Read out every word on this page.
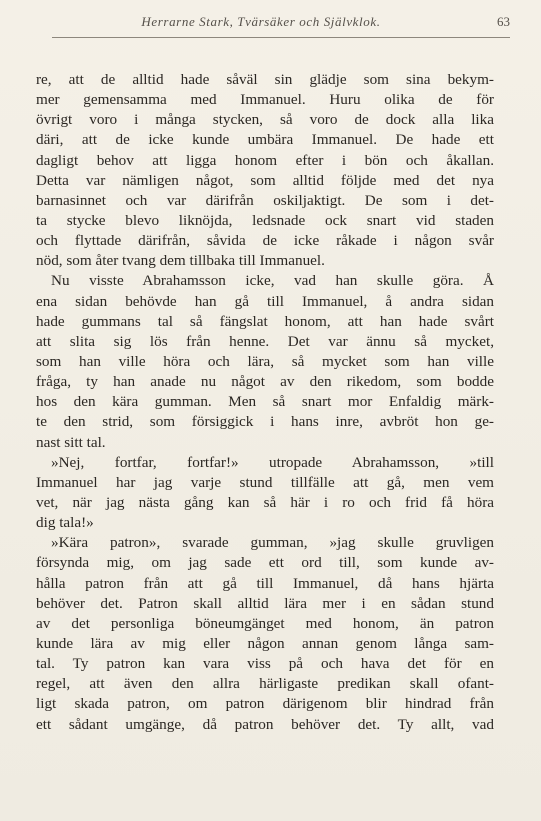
Herrarne Stark, Tvärsäker och Självklok.	63
re, att de alltid hade såväl sin glädje som sina bekym-
mer gemensamma med Immanuel. Huru olika de för
övrigt voro i många stycken, så voro de dock alla lika
däri, att de icke kunde umbära Immanuel. De hade ett
dagligt behov att ligga honom efter i bön och åkallan.
Detta var nämligen något, som alltid följde med det nya
barnasinnet och var därifrån oskiljaktigt. De som i det-
ta stycke blevo liknöjda, ledsnade ock snart vid staden
och flyttade därifrån, såvida de icke råkade i någon svår
nöd, som åter tvang dem tillbaka till Immanuel.
Nu visste Abrahamsson icke, vad han skulle göra. Å
ena sidan behövde han gå till Immanuel, å andra sidan
hade gummans tal så fängslat honom, att han hade svårt
att slita sig lös från henne. Det var ännu så mycket,
som han ville höra och lära, så mycket som han ville
fråga, ty han anade nu något av den rikedom, som bodde
hos den kära gumman. Men så snart mor Enfaldig märk-
te den strid, som försiggick i hans inre, avbröt hon ge-
nast sitt tal.
»Nej, fortfar, fortfar!» utropade Abrahamsson, »till
Immanuel har jag varje stund tillfälle att gå, men vem
vet, när jag nästa gång kan så här i ro och frid få höra
dig tala!»
»Kära patron», svarade gumman, »jag skulle gruvligen
försynda mig, om jag sade ett ord till, som kunde av-
hålla patron från att gå till Immanuel, då hans hjärta
behöver det. Patron skall alltid lära mer i en sådan stund
av det personliga böneumgänget med honom, än patron
kunde lära av mig eller någon annan genom långa sam-
tal. Ty patron kan vara viss på och hava det för en
regel, att även den allra härligaste predikan skall ofant-
ligt skada patron, om patron därigenom blir hindrad från
ett sådant umgänge, då patron behöver det. Ty allt, vad
